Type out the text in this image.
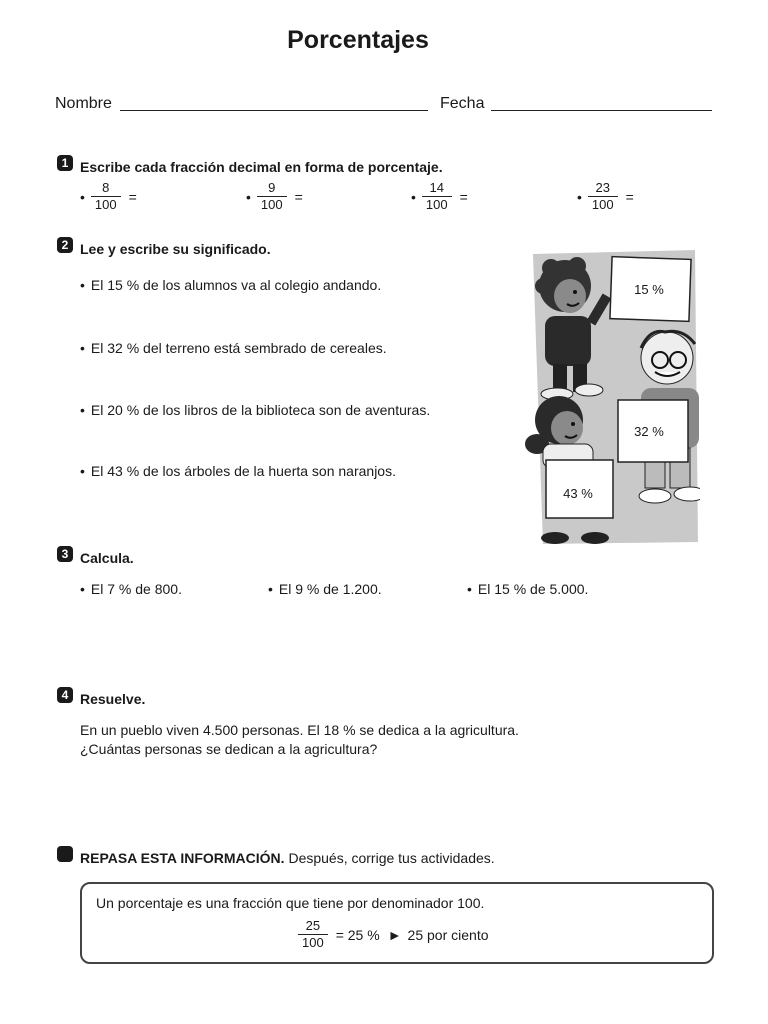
Porcentajes
Nombre	Fecha
1 Escribe cada fracción decimal en forma de porcentaje.
• $\frac{8}{100}$ =	• $\frac{9}{100}$ =	• $\frac{14}{100}$ =	• $\frac{23}{100}$ =
2 Lee y escribe su significado.
• El 15 % de los alumnos va al colegio andando.
• El 32 % del terreno está sembrado de cereales.
• El 20 % de los libros de la biblioteca son de aventuras.
• El 43 % de los árboles de la huerta son naranjos.
15 %
32 %
43 %
3 Calcula.
• El 7 % de 800.	• El 9 % de 1.200.	• El 15 % de 5.000.
4 Resuelve.
En un pueblo viven 4.500 personas. El 18 % se dedica a la agricultura.
¿Cuántas personas se dedican a la agricultura?
REPASA ESTA INFORMACIÓN. Después, corrige tus actividades.
Un porcentaje es una fracción que tiene por denominador 100.
$\frac{25}{100} = 25$ % ► 25 por ciento
